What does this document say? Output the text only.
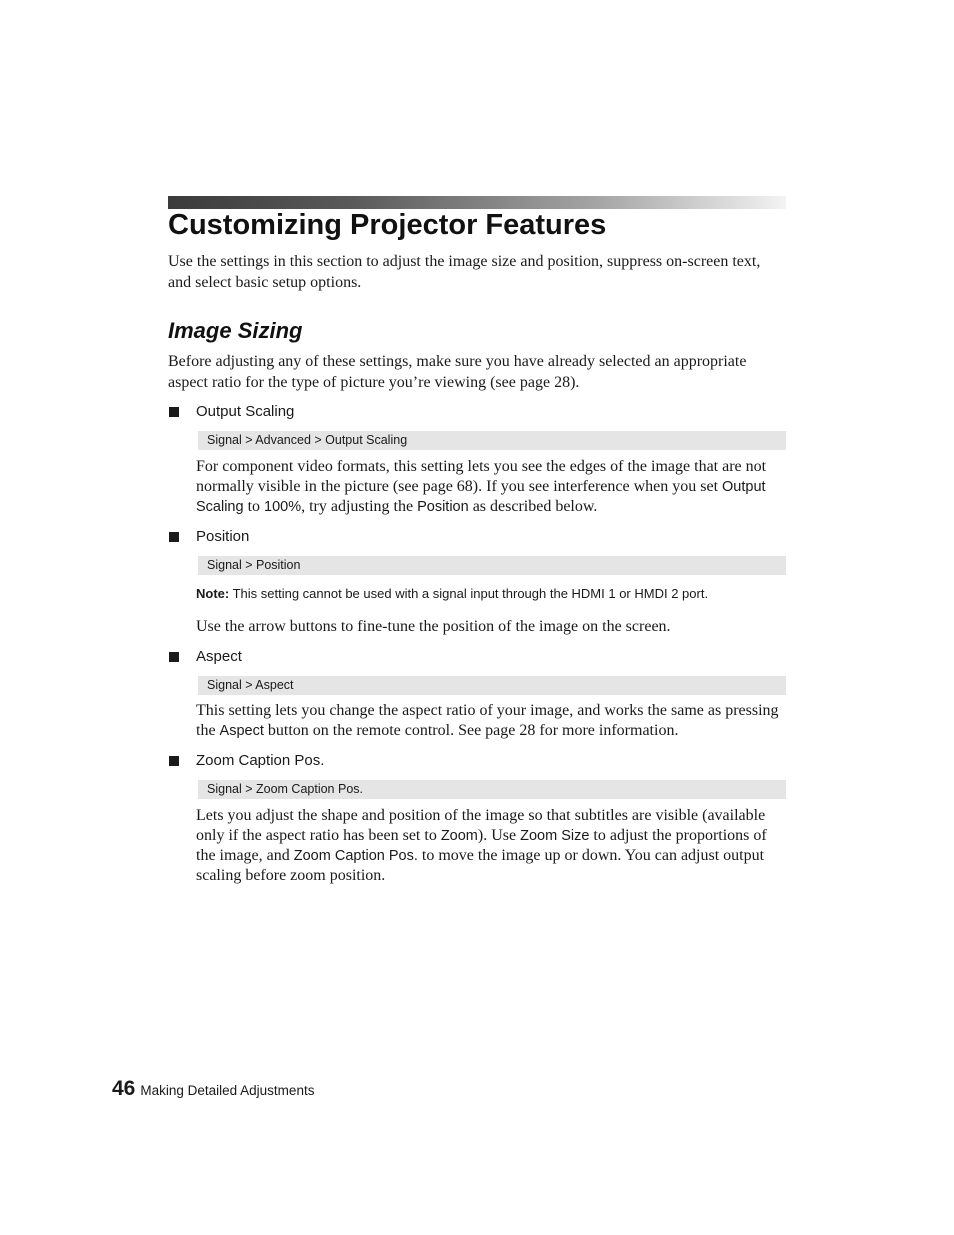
Customizing Projector Features

Use the settings in this section to adjust the image size and position, suppress on-screen text, and select basic setup options.

Image Sizing

Before adjusting any of these settings, make sure you have already selected an appropriate aspect ratio for the type of picture you’re viewing (see page 28).

Output Scaling
Signal > Advanced > Output Scaling

For component video formats, this setting lets you see the edges of the image that are not normally visible in the picture (see page 68). If you see interference when you set Output Scaling to 100%, try adjusting the Position as described below.

Position
Signal > Position

Note: This setting cannot be used with a signal input through the HDMI 1 or HMDI 2 port.

Use the arrow buttons to fine-tune the position of the image on the screen.

Aspect
Signal > Aspect

This setting lets you change the aspect ratio of your image, and works the same as pressing the Aspect button on the remote control. See page 28 for more information.

Zoom Caption Pos.
Signal > Zoom Caption Pos.

Lets you adjust the shape and position of the image so that subtitles are visible (available only if the aspect ratio has been set to Zoom). Use Zoom Size to adjust the proportions of the image, and Zoom Caption Pos. to move the image up or down. You can adjust output scaling before zoom position.

46 Making Detailed Adjustments
